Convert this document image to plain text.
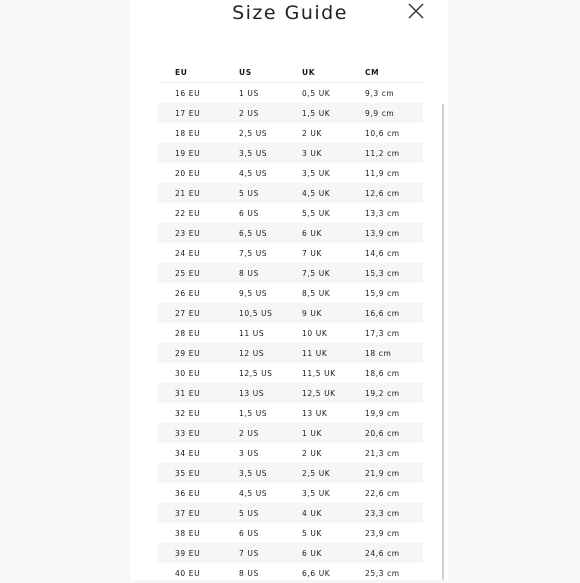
Size Guide
EU	US	UK	CM
16 EU	1 US	0,5 UK	9,3 cm
17 EU	2 US	1,5 UK	9,9 cm
18 EU	2,5 US	2 UK	10,6 cm
19 EU	3,5 US	3 UK	11,2 cm
20 EU	4,5 US	3,5 UK	11,9 cm
21 EU	5 US	4,5 UK	12,6 cm
22 EU	6 US	5,5 UK	13,3 cm
23 EU	6,5 US	6 UK	13,9 cm
24 EU	7,5 US	7 UK	14,6 cm
25 EU	8 US	7,5 UK	15,3 cm
26 EU	9,5 US	8,5 UK	15,9 cm
27 EU	10,5 US	9 UK	16,6 cm
28 EU	11 US	10 UK	17,3 cm
29 EU	12 US	11 UK	18 cm
30 EU	12,5 US	11,5 UK	18,6 cm
31 EU	13 US	12,5 UK	19,2 cm
32 EU	1,5 US	13 UK	19,9 cm
33 EU	2 US	1 UK	20,6 cm
34 EU	3 US	2 UK	21,3 cm
35 EU	3,5 US	2,5 UK	21,9 cm
36 EU	4,5 US	3,5 UK	22,6 cm
37 EU	5 US	4 UK	23,3 cm
38 EU	6 US	5 UK	23,9 cm
39 EU	7 US	6 UK	24,6 cm
40 EU	8 US	6,6 UK	25,3 cm
